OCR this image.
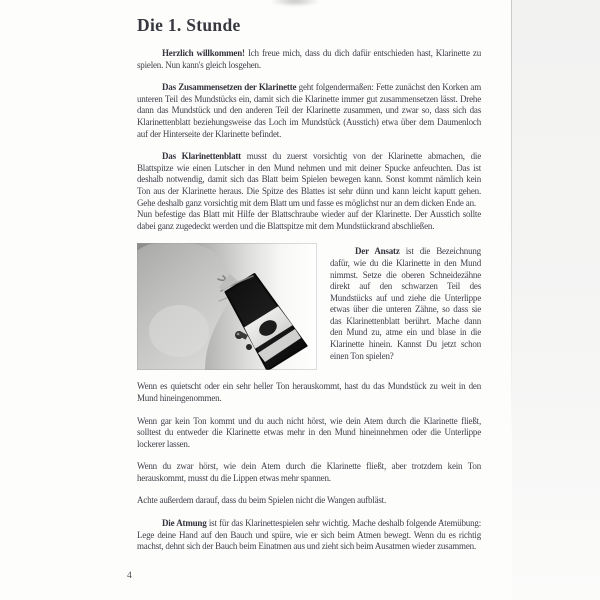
Die 1. Stunde

Herzlich willkommen! Ich freue mich, dass du dich dafür entschieden hast, Klarinette zu spielen. Nun kann's gleich losgehen.

Das Zusammensetzen der Klarinette geht folgendermaßen: Fette zunächst den Korken am unteren Teil des Mundstücks ein, damit sich die Klarinette immer gut zusammensetzen lässt. Drehe dann das Mundstück und den anderen Teil der Klarinette zusammen, und zwar so, dass sich das Klarinettenblatt beziehungsweise das Loch im Mundstück (Ausstich) etwa über dem Daumenloch auf der Hinterseite der Klarinette befindet.

Das Klarinettenblatt musst du zuerst vorsichtig von der Klarinette abmachen, die Blattspitze wie einen Lutscher in den Mund nehmen und mit deiner Spucke anfeuchten. Das ist deshalb notwendig, damit sich das Blatt beim Spielen bewegen kann. Sonst kommt nämlich kein Ton aus der Klarinette heraus. Die Spitze des Blattes ist sehr dünn und kann leicht kaputt gehen. Gehe deshalb ganz vorsichtig mit dem Blatt um und fasse es möglichst nur an dem dicken Ende an.

Nun befestige das Blatt mit Hilfe der Blattschraube wieder auf der Klarinette. Der Ausstich sollte dabei ganz zugedeckt werden und die Blattspitze mit dem Mundstückrand abschließen.

Der Ansatz ist die Bezeichnung dafür, wie du die Klarinette in den Mund nimmst. Setze die oberen Schneidezähne direkt auf den schwarzen Teil des Mundstücks auf und ziehe die Unterlippe etwas über die unteren Zähne, so dass sie das Klarinettenblatt berührt. Mache dann den Mund zu, atme ein und blase in die Klarinette hinein. Kannst Du jetzt schon einen Ton spielen?

Wenn es quietscht oder ein sehr heller Ton herauskommt, hast du das Mundstück zu weit in den Mund hineingenommen.

Wenn gar kein Ton kommt und du auch nicht hörst, wie dein Atem durch die Klarinette fließt, solltest du entweder die Klarinette etwas mehr in den Mund hineinnehmen oder die Unterlippe lockerer lassen.

Wenn du zwar hörst, wie dein Atem durch die Klarinette fließt, aber trotzdem kein Ton herauskommt, musst du die Lippen etwas mehr spannen.

Achte außerdem darauf, dass du beim Spielen nicht die Wangen aufbläst.

Die Atmung ist für das Klarinettespielen sehr wichtig. Mache deshalb folgende Atemübung: Lege deine Hand auf den Bauch und spüre, wie er sich beim Atmen bewegt. Wenn du es richtig machst, dehnt sich der Bauch beim Einatmen aus und zieht sich beim Ausatmen wieder zusammen.

4
